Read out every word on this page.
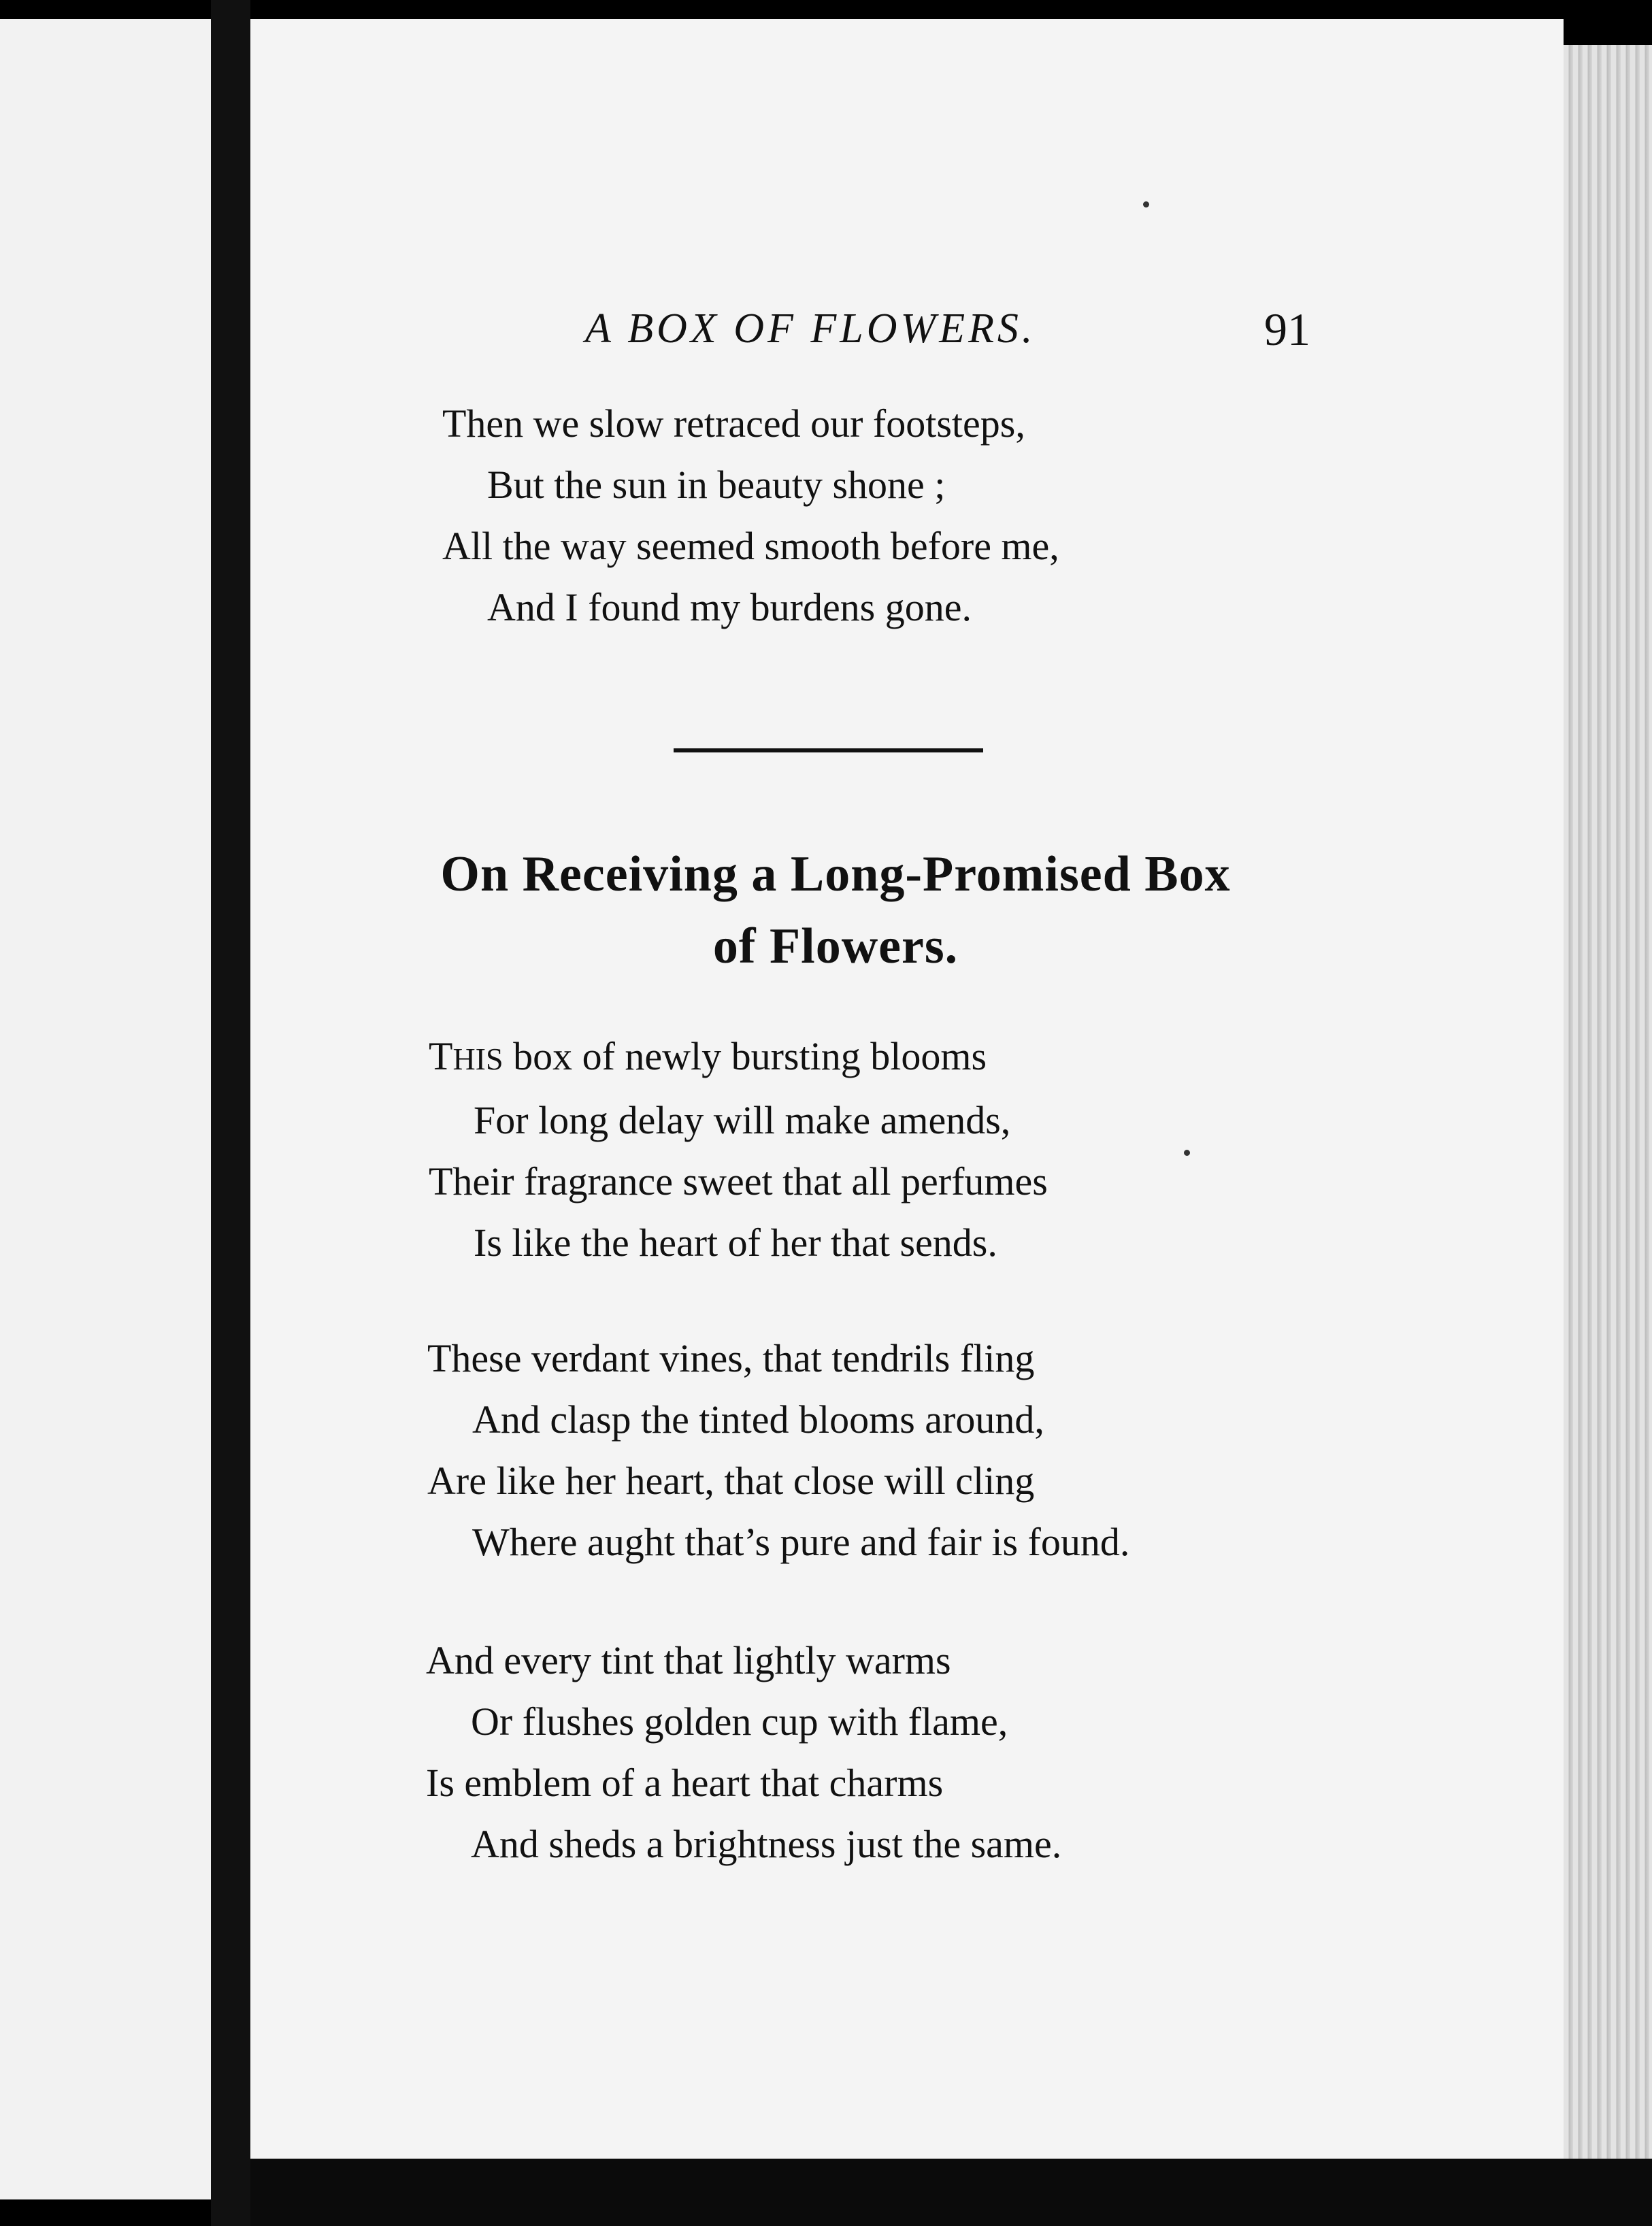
A BOX OF FLOWERS.	91
Then we slow retraced our footsteps,
But the sun in beauty shone ;
All the way seemed smooth before me,
And I found my burdens gone.
On Receiving a Long-Promised Box
of Flowers.
THIS box of newly bursting blooms
For long delay will make amends,
Their fragrance sweet that all perfumes
Is like the heart of her that sends.
These verdant vines, that tendrils fling
And clasp the tinted blooms around,
Are like her heart, that close will cling
Where aught that’s pure and fair is found.
And every tint that lightly warms
Or flushes golden cup with flame,
Is emblem of a heart that charms
And sheds a brightness just the same.
